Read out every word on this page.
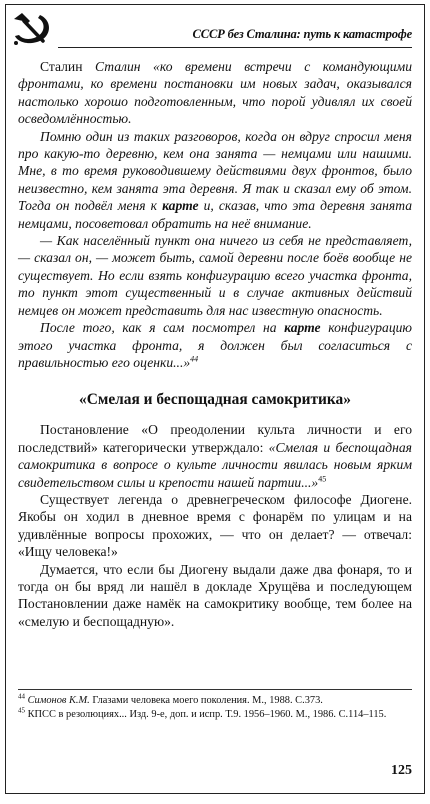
СССР без Сталина: путь к катастрофе

Сталин Сталин «ко времени встречи с командующими фронтами, ко времени постановки им новых задач, оказывался настолько хорошо подготовленным, что порой удивлял их своей осведомлённостью.

Помню один из таких разговоров, когда он вдруг спросил меня про какую-то деревню, кем она занята — немцами или нашими. Мне, в то время руководившему действиями двух фронтов, было неизвестно, кем занята эта деревня. Я так и сказал ему об этом. Тогда он подвёл меня к карте и, сказав, что эта деревня занята немцами, посоветовал обратить на неё внимание.

— Как населённый пункт она ничего из себя не представляет, — сказал он, — может быть, самой деревни после боёв вообще не существует. Но если взять конфигурацию всего участка фронта, то пункт этот существенный и в случае активных действий немцев он может представить для нас известную опасность.

После того, как я сам посмотрел на карте конфигурацию этого участка фронта, я должен был согласиться с правильностью его оценки...»$^{44}$

«Смелая и беспощадная самокритика»

Постановление «О преодолении культа личности и его последствий» категорически утверждало: «Смелая и беспощадная самокритика в вопросе о культе личности явилась новым ярким свидетельством силы и крепости нашей партии...»$^{45}$

Существует легенда о древнегреческом философе Диогене. Якобы он ходил в дневное время с фонарём по улицам и на удивлённые вопросы прохожих, — что он делает? — отвечал: «Ищу человека!»

Думается, что если бы Диогену выдали даже два фонаря, то и тогда он бы вряд ли нашёл в докладе Хрущёва и последующем Постановлении даже намёк на самокритику вообще, тем более на «смелую и беспощадную».

$^{44}$ Симонов К.М. Глазами человека моего поколения. М., 1988. С.373.

$^{45}$ КПСС в резолюциях... Изд. 9-е, доп. и испр. Т.9. 1956–1960. М., 1986. С.114–115.

125
